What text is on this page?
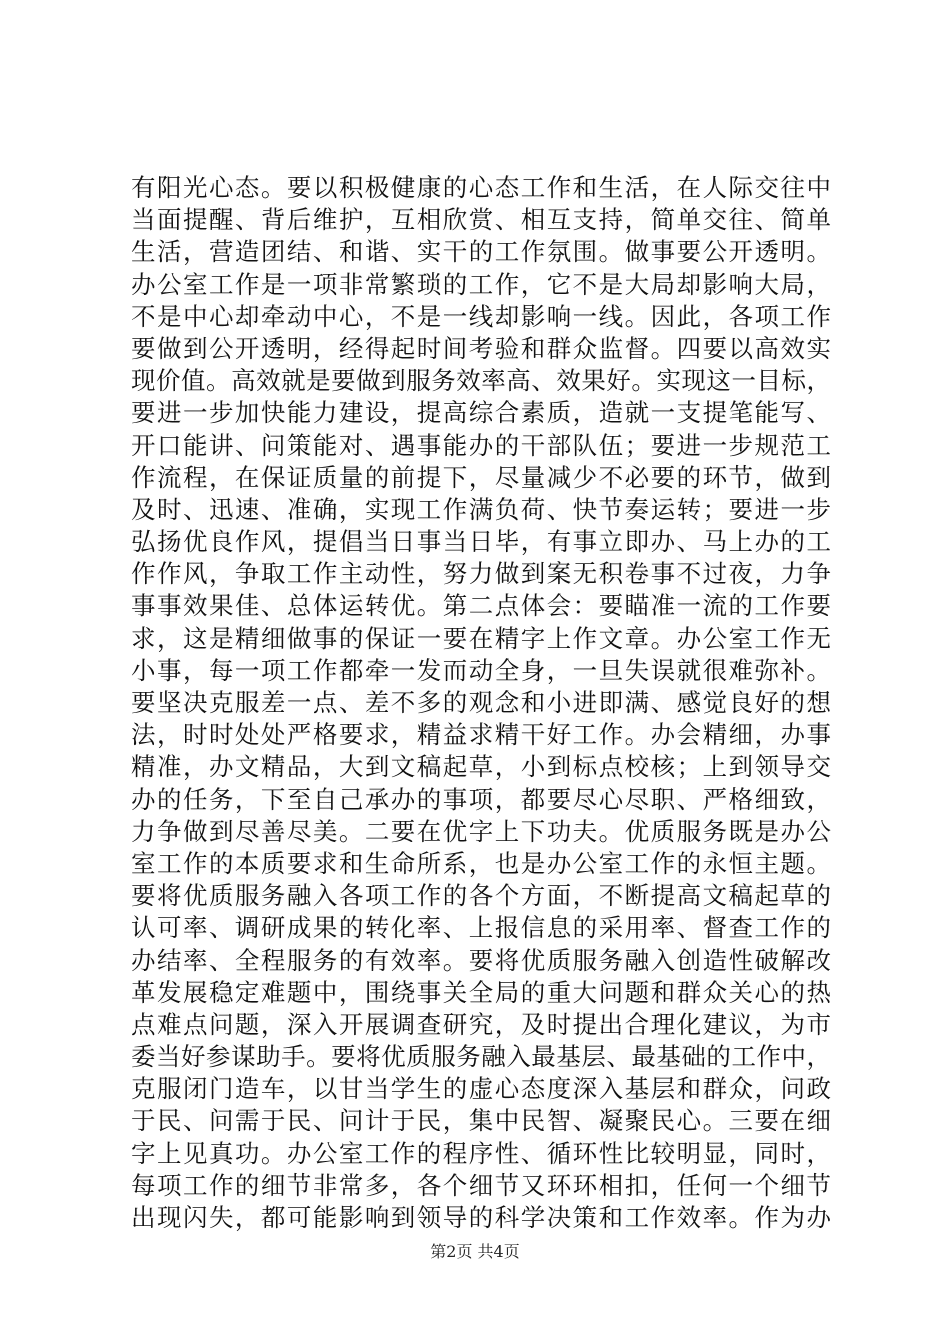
有阳光心态。要以积极健康的心态工作和生活，在人际交往中
当面提醒、背后维护，互相欣赏、相互支持，简单交往、简单
生活，营造团结、和谐、实干的工作氛围。做事要公开透明。
办公室工作是一项非常繁琐的工作，它不是大局却影响大局，
不是中心却牵动中心，不是一线却影响一线。因此，各项工作
要做到公开透明，经得起时间考验和群众监督。四要以高效实
现价值。高效就是要做到服务效率高、效果好。实现这一目标，
要进一步加快能力建设，提高综合素质，造就一支提笔能写、
开口能讲、问策能对、遇事能办的干部队伍；要进一步规范工
作流程，在保证质量的前提下，尽量减少不必要的环节，做到
及时、迅速、准确，实现工作满负荷、快节奏运转；要进一步
弘扬优良作风，提倡当日事当日毕，有事立即办、马上办的工
作作风，争取工作主动性，努力做到案无积卷事不过夜，力争
事事效果佳、总体运转优。第二点体会：要瞄准一流的工作要
求，这是精细做事的保证一要在精字上作文章。办公室工作无
小事，每一项工作都牵一发而动全身，一旦失误就很难弥补。
要坚决克服差一点、差不多的观念和小进即满、感觉良好的想
法，时时处处严格要求，精益求精干好工作。办会精细，办事
精准，办文精品，大到文稿起草，小到标点校核；上到领导交
办的任务，下至自己承办的事项，都要尽心尽职、严格细致，
力争做到尽善尽美。二要在优字上下功夫。优质服务既是办公
室工作的本质要求和生命所系，也是办公室工作的永恒主题。
要将优质服务融入各项工作的各个方面，不断提高文稿起草的
认可率、调研成果的转化率、上报信息的采用率、督查工作的
办结率、全程服务的有效率。要将优质服务融入创造性破解改
革发展稳定难题中，围绕事关全局的重大问题和群众关心的热
点难点问题，深入开展调查研究，及时提出合理化建议，为市
委当好参谋助手。要将优质服务融入最基层、最基础的工作中，
克服闭门造车，以甘当学生的虚心态度深入基层和群众，问政
于民、问需于民、问计于民，集中民智、凝聚民心。三要在细
字上见真功。办公室工作的程序性、循环性比较明显，同时，
每项工作的细节非常多，各个细节又环环相扣，任何一个细节
出现闪失，都可能影响到领导的科学决策和工作效率。作为办
第2页 共4页
